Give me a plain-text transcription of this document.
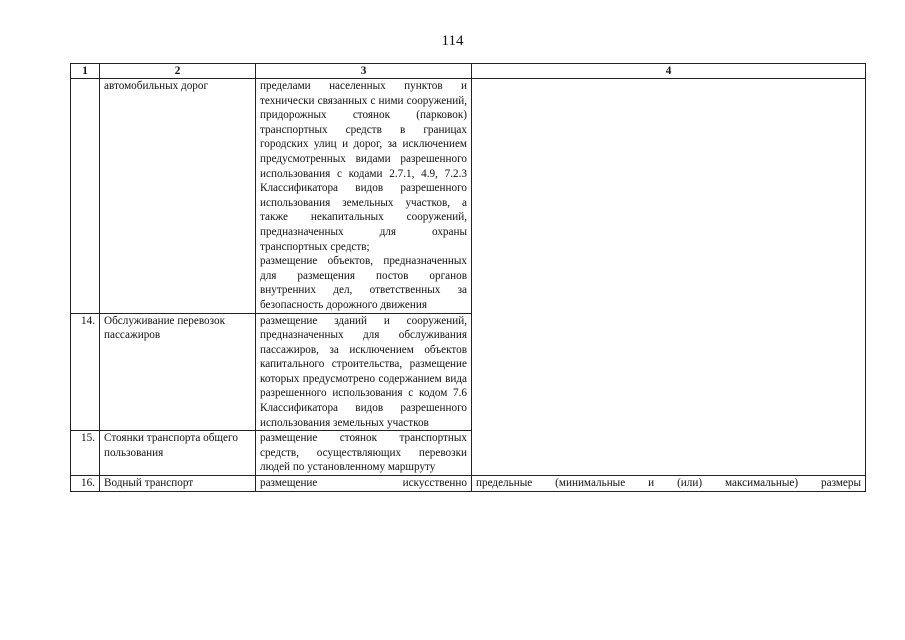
114
1	2	3	4
	автомобильных дорог	пределами населенных пунктов и технически связанных с ними сооружений, придорожных стоянок (парковок) транспортных средств в границах городских улиц и дорог, за исключением предусмотренных видами разрешенного использования с кодами 2.7.1, 4.9, 7.2.3 Классификатора видов разрешенного использования земельных участков, а также некапитальных сооружений, предназначенных для охраны транспортных средств;
размещение объектов, предназначенных для размещения постов органов внутренних дел, ответственных за безопасность дорожного движения	

14.	Обслуживание перевозок пассажиров	размещение зданий и сооружений, предназначенных для обслуживания пассажиров, за исключением объектов капитального строительства, размещение которых предусмотрено содержанием вида разрешенного использования с кодом 7.6 Классификатора видов разрешенного использования земельных участков	

15.	Стоянки транспорта общего пользования	размещение стоянок транспортных средств, осуществляющих перевозки людей по установленному маршруту	

16.	Водный транспорт	размещение искусственно	предельные (минимальные и (или) максимальные) размеры
